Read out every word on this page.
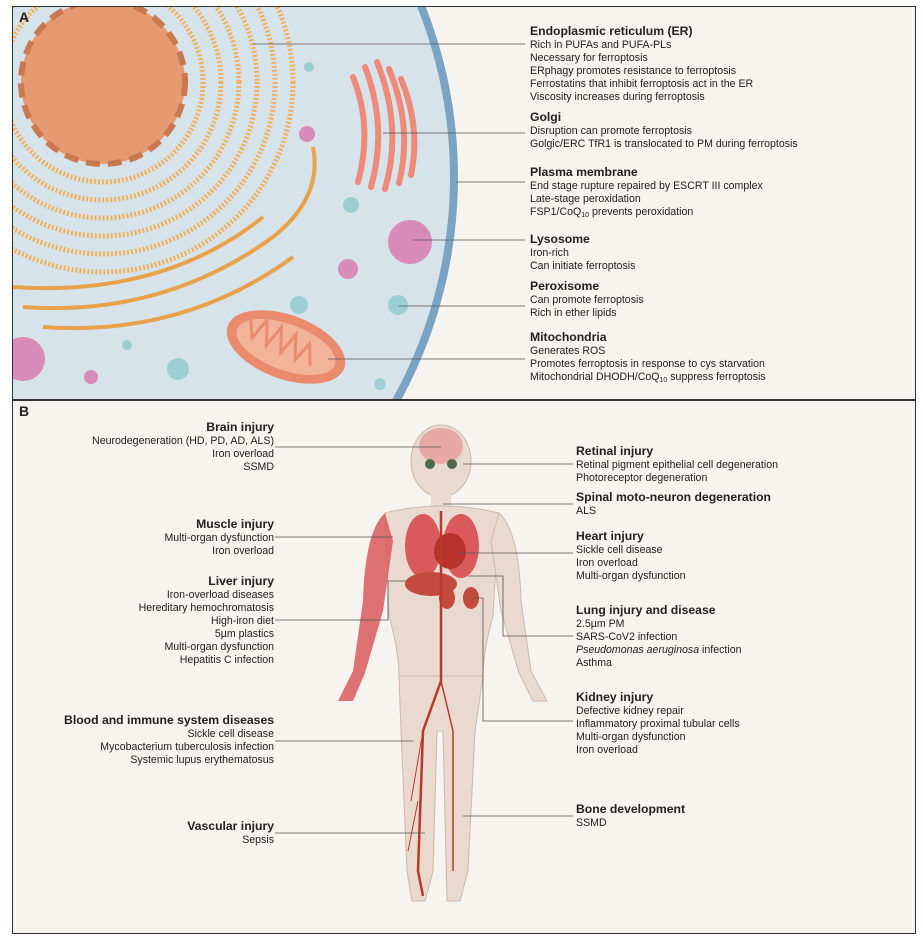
A
Endoplasmic reticulum (ER)
Rich in PUFAs and PUFA-PLs
Necessary for ferroptosis
ERphagy promotes resistance to ferroptosis
Ferrostatins that inhibit ferroptosis act in the ER
Viscosity increases during ferroptosis
Golgi
Disruption can promote ferroptosis
Golgic/ERC TfR1 is translocated to PM during ferroptosis
Plasma membrane
End stage rupture repaired by ESCRT III complex
Late-stage peroxidation
FSP1/CoQ$_{10}$ prevents peroxidation
Lysosome
Iron-rich
Can initiate ferroptosis
Peroxisome
Can promote ferroptosis
Rich in ether lipids
Mitochondria
Generates ROS
Promotes ferroptosis in response to cys starvation
Mitochondrial DHODH/CoQ$_{10}$ suppress ferroptosis
B
Brain injury
Neurodegeneration (HD, PD, AD, ALS)
Iron overload
SSMD
Muscle injury
Multi-organ dysfunction
Iron overload
Liver injury
Iron-overload diseases
Hereditary hemochromatosis
High-iron diet
5µm plastics
Multi-organ dysfunction
Hepatitis C infection
Blood and immune system diseases
Sickle cell disease
Mycobacterium tuberculosis infection
Systemic lupus erythematosus
Vascular injury
Sepsis
Retinal injury
Retinal pigment epithelial cell degeneration
Photoreceptor degeneration
Spinal moto-neuron degeneration
ALS
Heart injury
Sickle cell disease
Iron overload
Multi-organ dysfunction
Lung injury and disease
2.5µm PM
SARS-CoV2 infection
Pseudomonas aeruginosa infection
Asthma
Kidney injury
Defective kidney repair
Inflammatory proximal tubular cells
Multi-organ dysfunction
Iron overload
Bone development
SSMD
